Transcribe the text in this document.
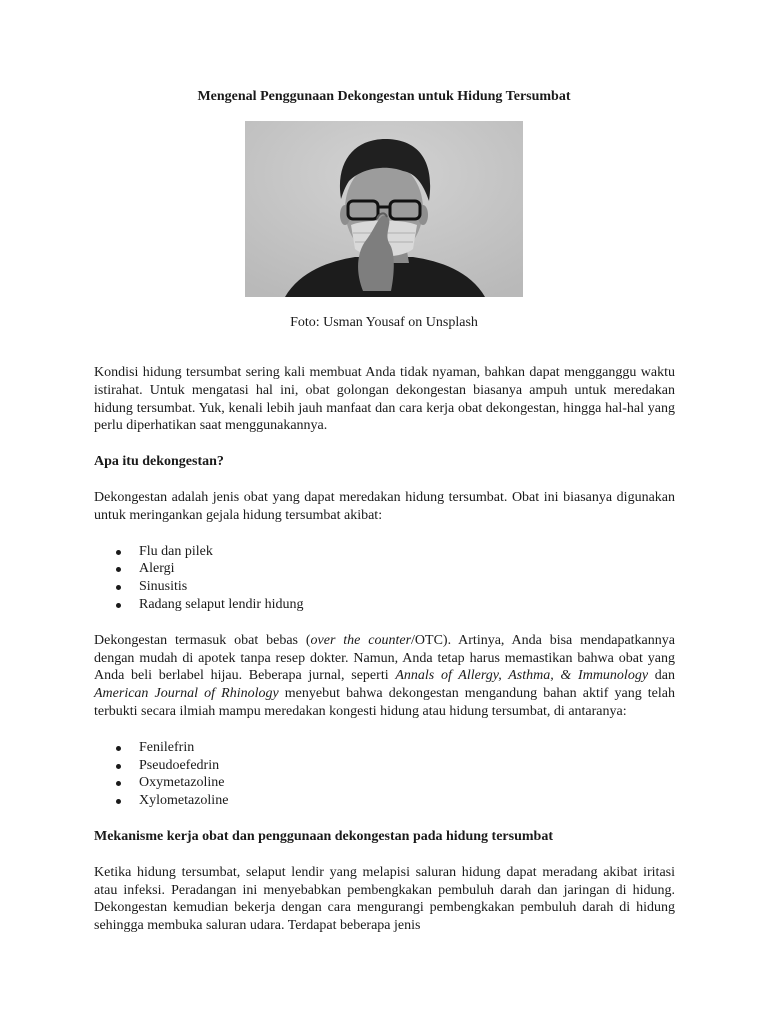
Mengenal Penggunaan Dekongestan untuk Hidung Tersumbat
Foto: Usman Yousaf on Unsplash

Kondisi hidung tersumbat sering kali membuat Anda tidak nyaman, bahkan dapat mengganggu waktu istirahat. Untuk mengatasi hal ini, obat golongan dekongestan biasanya ampuh untuk meredakan hidung tersumbat. Yuk, kenali lebih jauh manfaat dan cara kerja obat dekongestan, hingga hal-hal yang perlu diperhatikan saat menggunakannya.

Apa itu dekongestan?

Dekongestan adalah jenis obat yang dapat meredakan hidung tersumbat. Obat ini biasanya digunakan untuk meringankan gejala hidung tersumbat akibat:

Flu dan pilek
Alergi
Sinusitis
Radang selaput lendir hidung

Dekongestan termasuk obat bebas (over the counter/OTC). Artinya, Anda bisa mendapatkannya dengan mudah di apotek tanpa resep dokter. Namun, Anda tetap harus memastikan bahwa obat yang Anda beli berlabel hijau. Beberapa jurnal, seperti Annals of Allergy, Asthma, & Immunology dan American Journal of Rhinology menyebut bahwa dekongestan mengandung bahan aktif yang telah terbukti secara ilmiah mampu meredakan kongesti hidung atau hidung tersumbat, di antaranya:

Fenilefrin
Pseudoefedrin
Oxymetazoline
Xylometazoline
Mekanisme kerja obat dan penggunaan dekongestan pada hidung tersumbat

Ketika hidung tersumbat, selaput lendir yang melapisi saluran hidung dapat meradang akibat iritasi atau infeksi. Peradangan ini menyebabkan pembengkakan pembuluh darah dan jaringan di hidung. Dekongestan kemudian bekerja dengan cara mengurangi pembengkakan pembuluh darah di hidung sehingga membuka saluran udara. Terdapat beberapa jenis
